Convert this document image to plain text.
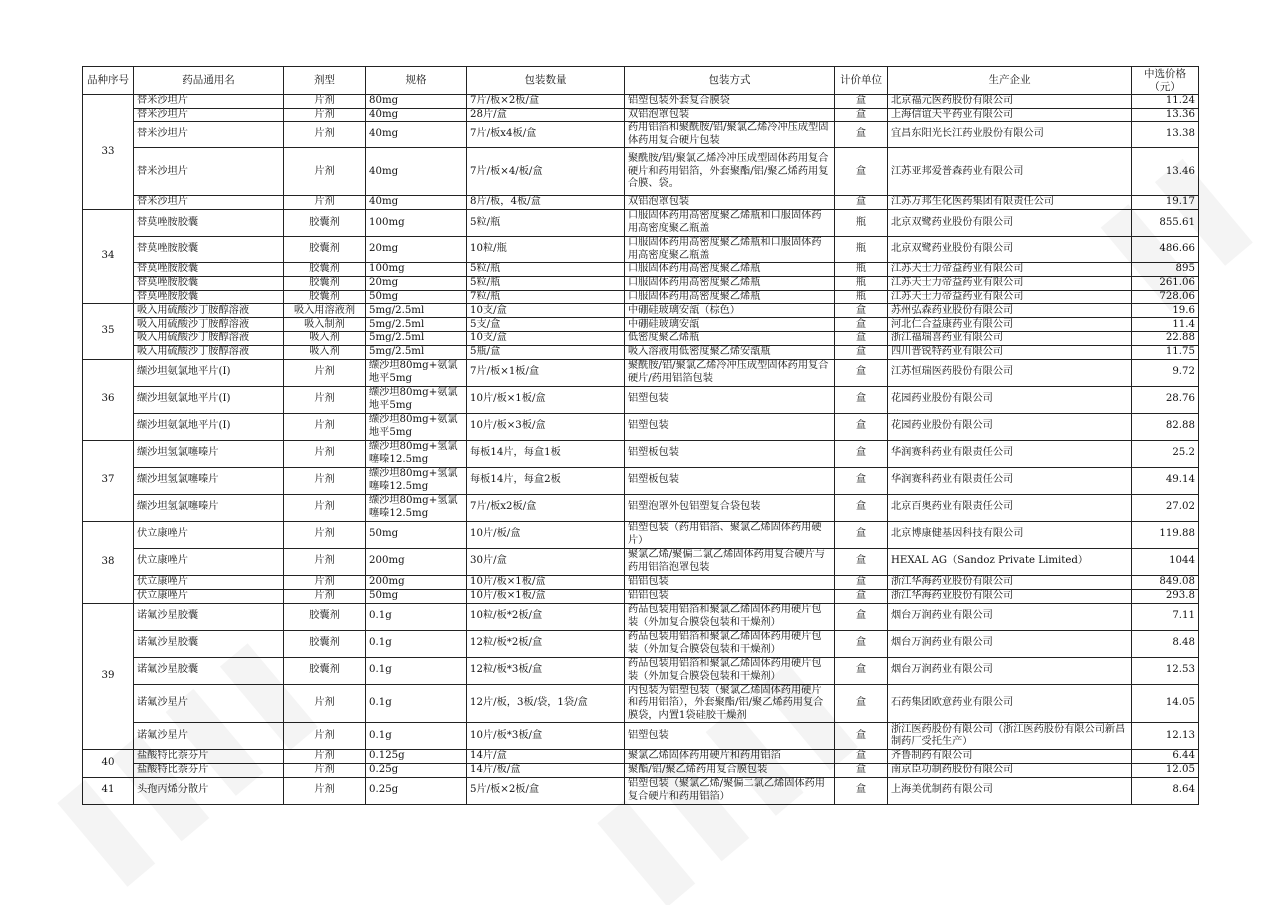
品种序号	药品通用名	剂型	规格	包装数量	包装方式	计价单位	生产企业	中选价格（元）
33	替米沙坦片	片剂	80mg	7片/板×2板/盒	铝塑包装外套复合膜袋	盒	北京福元医药股份有限公司	11.24
	替米沙坦片	片剂	40mg	28片/盒	双铝泡罩包装	盒	上海信谊天平药业有限公司	13.36
	替米沙坦片	片剂	40mg	7片/板x4板/盒	药用铝箔和聚酰胺/铝/聚氯乙烯冷冲压成型固体药用复合硬片包装	盒	宜昌东阳光长江药业股份有限公司	13.38
	替米沙坦片	片剂	40mg	7片/板×4/板/盒	聚酰胺/铝/聚氯乙烯冷冲压成型固体药用复合硬片和药用铝箔，外套聚酯/铝/聚乙烯药用复合膜、袋。	盒	江苏亚邦爱普森药业有限公司	13.46
	替米沙坦片	片剂	40mg	8片/板，4板/盒	双铝泡罩包装	盒	江苏万邦生化医药集团有限责任公司	19.17
34	替莫唑胺胶囊	胶囊剂	100mg	5粒/瓶	口服固体药用高密度聚乙烯瓶和口服固体药用高密度聚乙瓶盖	瓶	北京双鹭药业股份有限公司	855.61
	替莫唑胺胶囊	胶囊剂	20mg	10粒/瓶	口服固体药用高密度聚乙烯瓶和口服固体药用高密度聚乙瓶盖	瓶	北京双鹭药业股份有限公司	486.66
	替莫唑胺胶囊	胶囊剂	100mg	5粒/瓶	口服固体药用高密度聚乙烯瓶	瓶	江苏天士力帝益药业有限公司	895
	替莫唑胺胶囊	胶囊剂	20mg	5粒/瓶	口服固体药用高密度聚乙烯瓶	瓶	江苏天士力帝益药业有限公司	261.06
	替莫唑胺胶囊	胶囊剂	50mg	7粒/瓶	口服固体药用高密度聚乙烯瓶	瓶	江苏天士力帝益药业有限公司	728.06
35	吸入用硫酸沙丁胺醇溶液	吸入用溶液剂	5mg/2.5ml	10支/盒	中硼硅玻璃安瓿（棕色）	盒	苏州弘森药业股份有限公司	19.6
	吸入用硫酸沙丁胺醇溶液	吸入制剂	5mg/2.5ml	5支/盒	中硼硅玻璃安瓿	盒	河北仁合益康药业有限公司	11.4
	吸入用硫酸沙丁胺醇溶液	吸入剂	5mg/2.5ml	10支/盒	低密度聚乙烯瓶	盒	浙江福瑞喜药业有限公司	22.88
	吸入用硫酸沙丁胺醇溶液	吸入剂	5mg/2.5ml	5瓶/盒	吸入溶液用低密度聚乙烯安瓿瓶	盒	四川普锐特药业有限公司	11.75
36	缬沙坦氨氯地平片(Ⅰ)	片剂	缬沙坦80mg+氨氯地平5mg	7片/板×1板/盒	聚酰胺/铝/聚氯乙烯冷冲压成型固体药用复合硬片/药用铝箔包装	盒	江苏恒瑞医药股份有限公司	9.72
	缬沙坦氨氯地平片(Ⅰ)	片剂	缬沙坦80mg+氨氯地平5mg	10片/板×1板/盒	铝塑包装	盒	花园药业股份有限公司	28.76
	缬沙坦氨氯地平片(Ⅰ)	片剂	缬沙坦80mg+氨氯地平5mg	10片/板×3板/盒	铝塑包装	盒	花园药业股份有限公司	82.88
37	缬沙坦氢氯噻嗪片	片剂	缬沙坦80mg+氢氯噻嗪12.5mg	每板14片，每盒1板	铝塑板包装	盒	华润赛科药业有限责任公司	25.2
	缬沙坦氢氯噻嗪片	片剂	缬沙坦80mg+氢氯噻嗪12.5mg	每板14片，每盒2板	铝塑板包装	盒	华润赛科药业有限责任公司	49.14
	缬沙坦氢氯噻嗪片	片剂	缬沙坦80mg+氢氯噻嗪12.5mg	7片/板x2板/盒	铝塑泡罩外包铝塑复合袋包装	盒	北京百奥药业有限责任公司	27.02
38	伏立康唑片	片剂	50mg	10片/板/盒	铝塑包装（药用铝箔、聚氯乙烯固体药用硬片）	盒	北京博康健基因科技有限公司	119.88
	伏立康唑片	片剂	200mg	30片/盒	聚氯乙烯/聚偏二氯乙烯固体药用复合硬片与药用铝箔泡罩包装	盒	HEXAL AG（Sandoz Private Limited）	1044
	伏立康唑片	片剂	200mg	10片/板×1板/盒	铝铝包装	盒	浙江华海药业股份有限公司	849.08
	伏立康唑片	片剂	50mg	10片/板×1板/盒	铝铝包装	盒	浙江华海药业股份有限公司	293.8
39	诺氟沙星胶囊	胶囊剂	0.1g	10粒/板*2板/盒	药品包装用铝箔和聚氯乙烯固体药用硬片包装（外加复合膜袋包装和干燥剂）	盒	烟台万润药业有限公司	7.11
	诺氟沙星胶囊	胶囊剂	0.1g	12粒/板*2板/盒	药品包装用铝箔和聚氯乙烯固体药用硬片包装（外加复合膜袋包装和干燥剂）	盒	烟台万润药业有限公司	8.48
	诺氟沙星胶囊	胶囊剂	0.1g	12粒/板*3板/盒	药品包装用铝箔和聚氯乙烯固体药用硬片包装（外加复合膜袋包装和干燥剂）	盒	烟台万润药业有限公司	12.53
	诺氟沙星片	片剂	0.1g	12片/板，3板/袋，1袋/盒	内包装为铝塑包装（聚氯乙烯固体药用硬片和药用铝箔），外套聚酯/铝/聚乙烯药用复合膜袋，内置1袋硅胶干燥剂	盒	石药集团欧意药业有限公司	14.05
	诺氟沙星片	片剂	0.1g	10片/板*3板/盒	铝塑包装	盒	浙江医药股份有限公司（浙江医药股份有限公司新昌制药厂受托生产）	12.13
40	盐酸特比萘芬片	片剂	0.125g	14片/盒	聚氯乙烯固体药用硬片和药用铝箔	盒	齐鲁制药有限公司	6.44
	盐酸特比萘芬片	片剂	0.25g	14片/板/盒	聚酯/铝/聚乙烯药用复合膜包装	盒	南京臣功制药股份有限公司	12.05
41	头孢丙烯分散片	片剂	0.25g	5片/板×2板/盒	铝塑包装（聚氯乙烯/聚偏二氯乙烯固体药用复合硬片和药用铝箔）	盒	上海美优制药有限公司	8.64
